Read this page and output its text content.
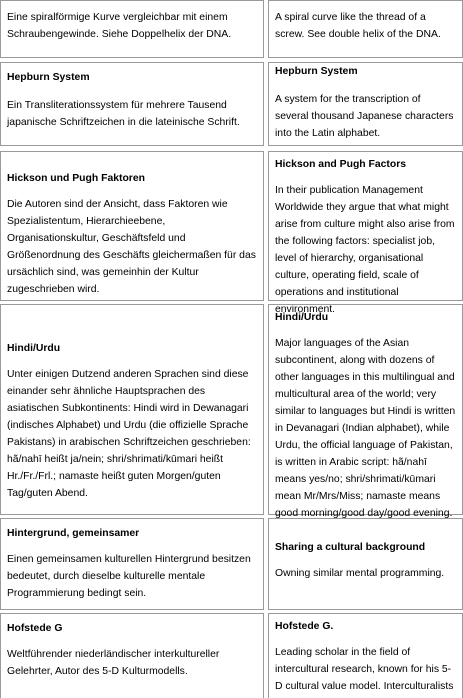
Eine spiralförmige Kurve vergleichbar mit einem Schraubengewinde. Siehe Doppelhelix der DNA.

A spiral curve like the thread of a screw. See double helix of the DNA.

Hepburn System

Ein Transliterationssystem für mehrere Tausend japanische Schriftzeichen in die lateinische Schrift.

Hepburn System

A system for the transcription of several thousand Japanese characters into the Latin alphabet.

Hickson und Pugh Faktoren

Die Autoren sind der Ansicht, dass Faktoren wie Spezialistentum, Hierarchieebene, Organisationskultur, Geschäftsfeld und Größenordnung des Geschäfts gleichermaßen für das ursächlich sind, was gemeinhin der Kultur zugeschrieben wird.

Hickson and Pugh Factors

In their publication Management Worldwide they argue that what might arise from culture might also arise from the following factors: specialist job, level of hierarchy, organisational culture, operating field, scale of operations and institutional environment.

Hindi/Urdu

Unter einigen Dutzend anderen Sprachen sind diese einander sehr ähnliche Hauptsprachen des asiatischen Subkontinents: Hindi wird in Dewanagari (indisches Alphabet) und Urdu (die offizielle Sprache Pakistans) in arabischen Schriftzeichen geschrieben: hã/nahī heißt ja/nein; shri/shrimati/kūmari heißt Hr./Fr./Frl.; namaste heißt guten Morgen/guten Tag/guten Abend.

Hindi/Urdu

Major languages of the Asian subcontinent, along with dozens of other languages in this multilingual and multicultural area of the world; very similar to languages but Hindi is written in Devanagari (Indian alphabet), while Urdu, the official language of Pakistan, is written in Arabic script: hã/nahī means yes/no; shri/shrimati/kūmari mean Mr/Mrs/Miss; namaste means good morning/good day/good evening.

Hintergrund, gemeinsamer

Einen gemeinsamen kulturellen Hintergrund besitzen bedeutet, durch dieselbe kulturelle mentale Programmierung bedingt sein.

Sharing a cultural background

Owning similar mental programming.

Hofstede G

Weltführender niederländischer interkultureller Gelehrter, Autor des 5-D Kulturmodells.

Hofstede G.

Leading scholar in the field of intercultural research, known for his 5-D cultural value model. Interculturalists
